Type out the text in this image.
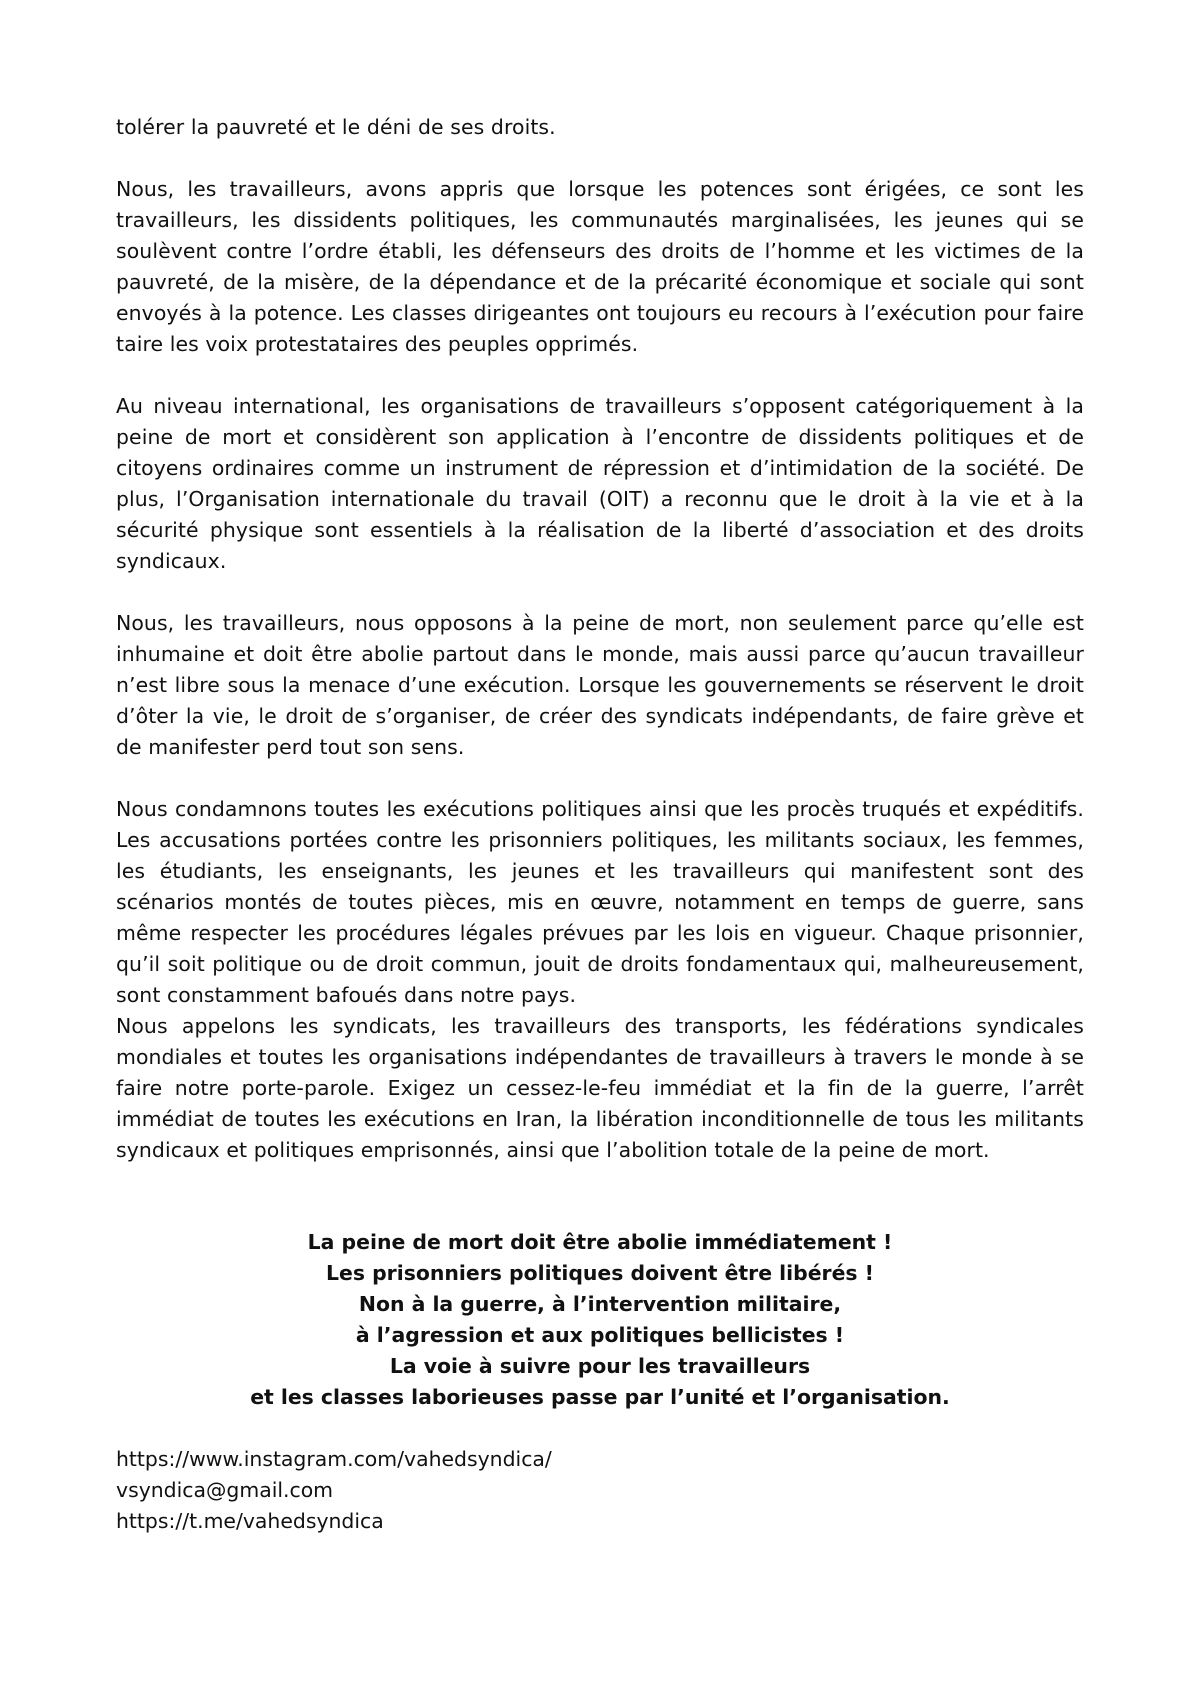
tolérer la pauvreté et le déni de ses droits.

Nous, les travailleurs, avons appris que lorsque les potences sont érigées, ce sont les travailleurs, les dissidents politiques, les communautés marginalisées, les jeunes qui se soulèvent contre l’ordre établi, les défenseurs des droits de l’homme et les victimes de la pauvreté, de la misère, de la dépendance et de la précarité économique et sociale qui sont envoyés à la potence. Les classes dirigeantes ont toujours eu recours à l’exécution pour faire taire les voix protestataires des peuples opprimés.

Au niveau international, les organisations de travailleurs s’opposent catégoriquement à la peine de mort et considèrent son application à l’encontre de dissidents politiques et de citoyens ordinaires comme un instrument de répression et d’intimidation de la société. De plus, l’Organisation internationale du travail (OIT) a reconnu que le droit à la vie et à la sécurité physique sont essentiels à la réalisation de la liberté d’association et des droits syndicaux.

Nous, les travailleurs, nous opposons à la peine de mort, non seulement parce qu’elle est inhumaine et doit être abolie partout dans le monde, mais aussi parce qu’aucun travailleur n’est libre sous la menace d’une exécution. Lorsque les gouvernements se réservent le droit d’ôter la vie, le droit de s’organiser, de créer des syndicats indépendants, de faire grève et de manifester perd tout son sens.

Nous condamnons toutes les exécutions politiques ainsi que les procès truqués et expéditifs. Les accusations portées contre les prisonniers politiques, les militants sociaux, les femmes, les étudiants, les enseignants, les jeunes et les travailleurs qui manifestent sont des scénarios montés de toutes pièces, mis en œuvre, notamment en temps de guerre, sans même respecter les procédures légales prévues par les lois en vigueur. Chaque prisonnier, qu’il soit politique ou de droit commun, jouit de droits fondamentaux qui, malheureusement, sont constamment bafoués dans notre pays.

Nous appelons les syndicats, les travailleurs des transports, les fédérations syndicales mondiales et toutes les organisations indépendantes de travailleurs à travers le monde à se faire notre porte-parole. Exigez un cessez-le-feu immédiat et la fin de la guerre, l’arrêt immédiat de toutes les exécutions en Iran, la libération inconditionnelle de tous les militants syndicaux et politiques emprisonnés, ainsi que l’abolition totale de la peine de mort.

La peine de mort doit être abolie immédiatement !
Les prisonniers politiques doivent être libérés !
Non à la guerre, à l’intervention militaire,
à l’agression et aux politiques bellicistes !
La voie à suivre pour les travailleurs
et les classes laborieuses passe par l’unité et l’organisation.
https://www.instagram.com/vahedsyndica/
vsyndica@gmail.com
https://t.me/vahedsyndica
